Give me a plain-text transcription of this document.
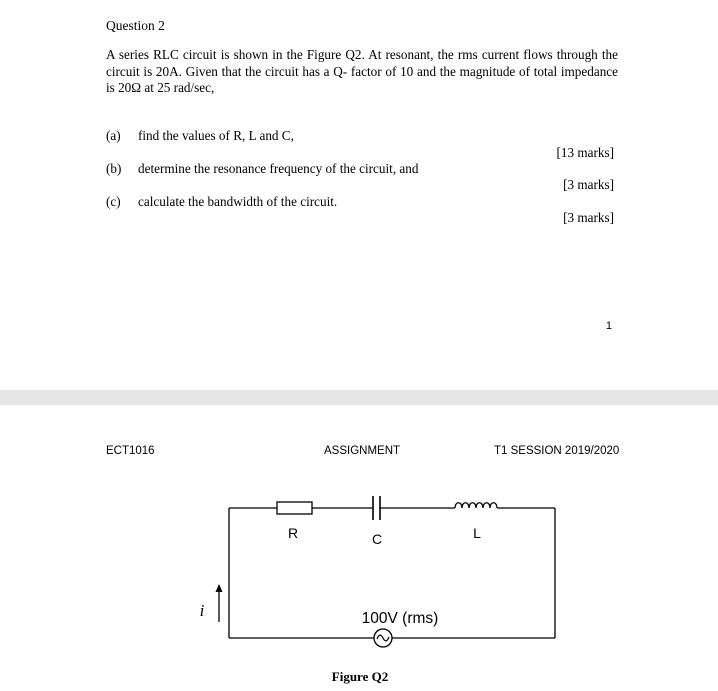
Question 2
A series RLC circuit is shown in the Figure Q2. At resonant, the rms current flows through the circuit is 20A. Given that the circuit has a Q- factor of 10 and the magnitude of total impedance is 20Ω at 25 rad/sec,
(a) find the values of R, L and C,
[13 marks]
(b) determine the resonance frequency of the circuit, and
[3 marks]
(c) calculate the bandwidth of the circuit.
[3 marks]
1
ECT1016	ASSIGNMENT	T1 SESSION 2019/2020
R	C	L
i	100V (rms)
Figure Q2
